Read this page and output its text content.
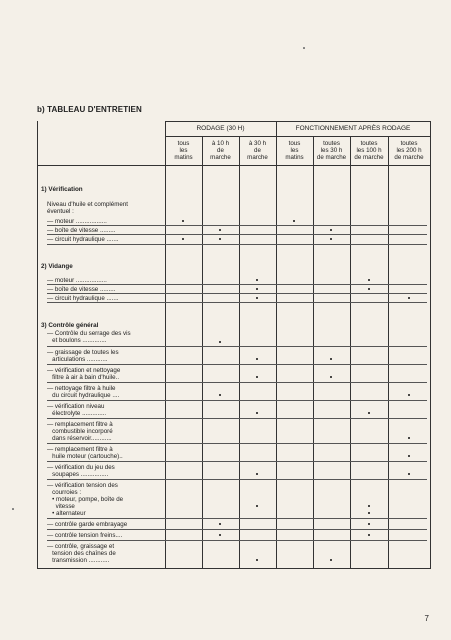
b) TABLEAU D'ENTRETIEN
RODAGE (30 H)	FONCTIONNEMENT APRÈS RODAGE
tous
les
matins
à 10 h
de
marche
à 30 h
de
marche
tous
les
matins
toutes
les 30 h
de marche
toutes
les 100 h
de marche
toutes
les 200 h
de marche
1) Vérification
Niveau d'huile et complément
éventuel :
— moteur ..................
— boîte de vitesse .........
— circuit hydraulique .......
2) Vidange
— moteur ..................
— boîte de vitesse .........
— circuit hydraulique .......
3) Contrôle général
— Contrôle du serrage des vis
et boulons ..............
— graissage de toutes les
articulations ............
— vérification et nettoyage
filtre à air à bain d'huile..
— nettoyage filtre à huile
du circuit hydraulique ....
— vérification niveau
électrolyte ..............
— remplacement filtre à
combustible incorporé
dans réservoir............
— remplacement filtre à
huile moteur (cartouche)..
— vérification du jeu des
soupapes ................
— vérification tension des
courroies :
• moteur, pompe, boîte de
vitesse
• alternateur
— contrôle garde embrayage
— contrôle tension freins....
— contrôle, graissage et
tension des chaînes de
transmission ............
7
